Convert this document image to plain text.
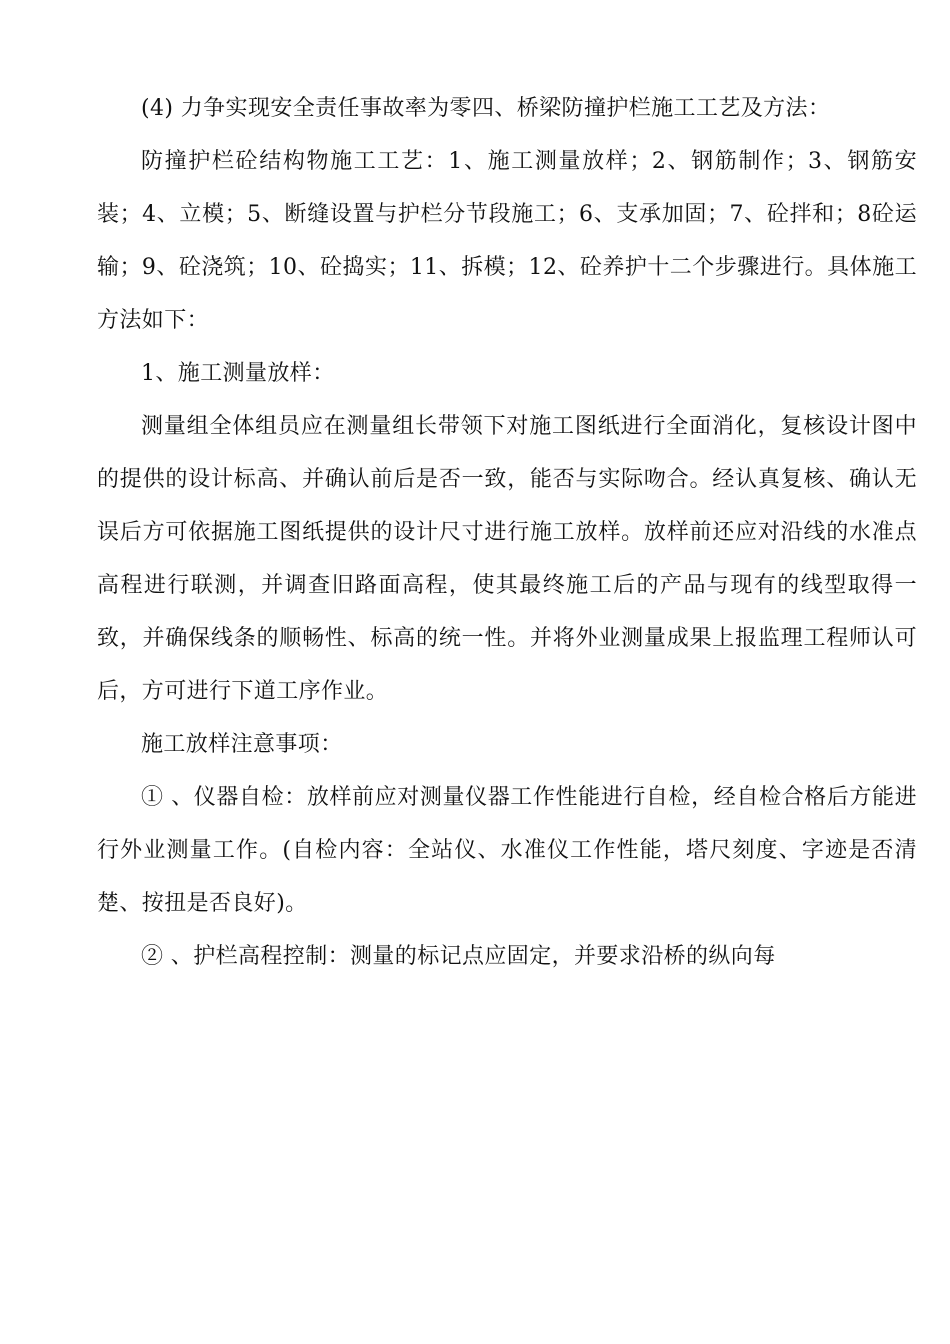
(4) 力争实现安全责任事故率为零四、桥梁防撞护栏施工工艺及方法：

防撞护栏砼结构物施工工艺：1、施工测量放样；2、钢筋制作；3、钢筋安装；4、立模；5、断缝设置与护栏分节段施工；6、支承加固；7、砼拌和；8砼运输；9、砼浇筑；10、砼捣实；11、拆模；12、砼养护十二个步骤进行。具体施工方法如下：

1、施工测量放样：

测量组全体组员应在测量组长带领下对施工图纸进行全面消化，复核设计图中的提供的设计标高、并确认前后是否一致，能否与实际吻合。经认真复核、确认无误后方可依据施工图纸提供的设计尺寸进行施工放样。放样前还应对沿线的水准点高程进行联测，并调查旧路面高程，使其最终施工后的产品与现有的线型取得一致，并确保线条的顺畅性、标高的统一性。并将外业测量成果上报监理工程师认可后，方可进行下道工序作业。

施工放样注意事项：

① 、仪器自检：放样前应对测量仪器工作性能进行自检，经自检合格后方能进行外业测量工作。(自检内容：全站仪、水准仪工作性能，塔尺刻度、字迹是否清楚、按扭是否良好)。

② 、护栏高程控制：测量的标记点应固定，并要求沿桥的纵向每
